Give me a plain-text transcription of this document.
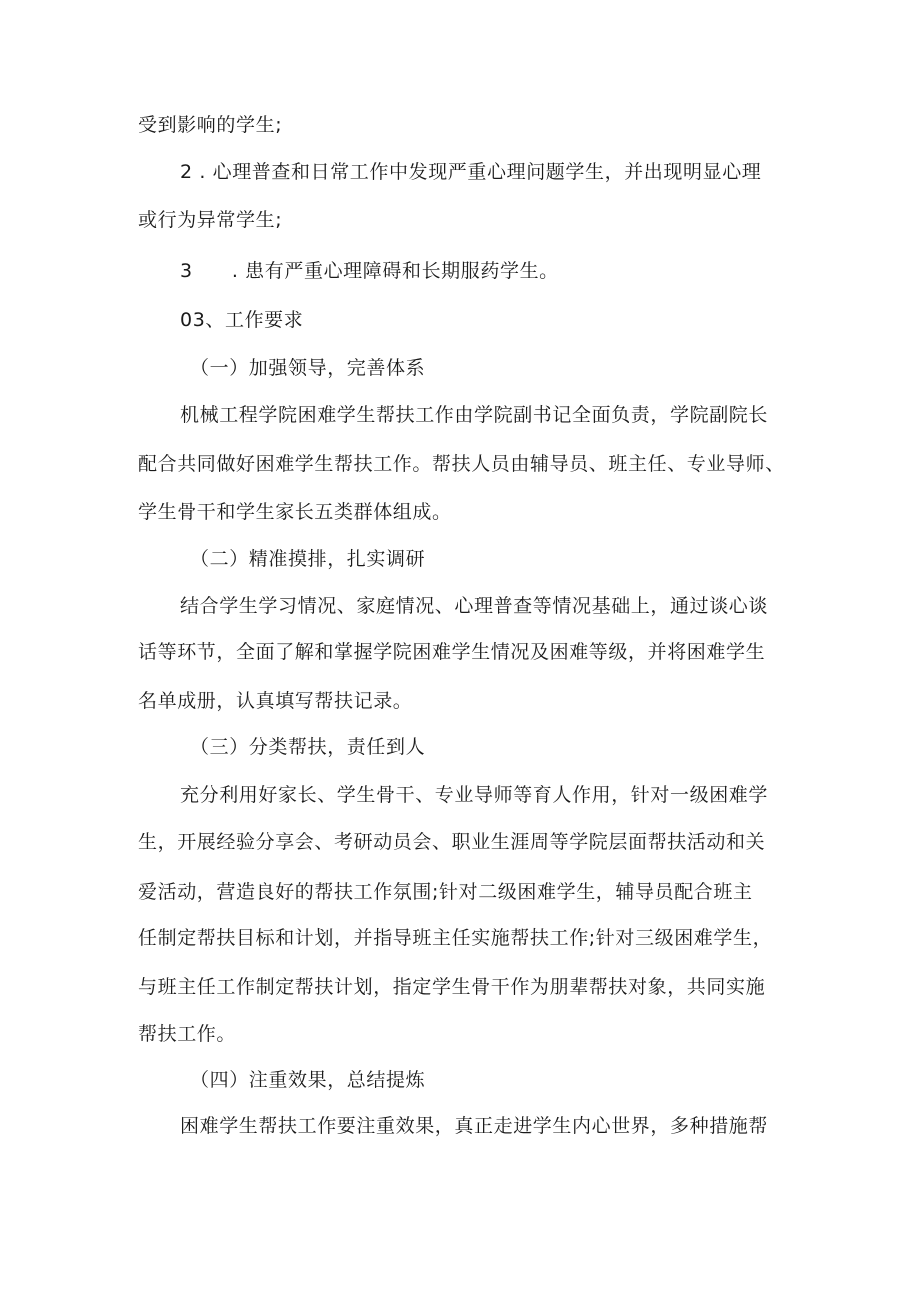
受到影响的学生;
2 . 心理普查和日常工作中发现严重心理问题学生，并出现明显心理
或行为异常学生;
3　　. 患有严重心理障碍和长期服药学生。
03、工作要求
（一）加强领导，完善体系
机械工程学院困难学生帮扶工作由学院副书记全面负责，学院副院长
配合共同做好困难学生帮扶工作。帮扶人员由辅导员、班主任、专业导师、
学生骨干和学生家长五类群体组成。
（二）精准摸排，扎实调研
结合学生学习情况、家庭情况、心理普查等情况基础上，通过谈心谈
话等环节，全面了解和掌握学院困难学生情况及困难等级，并将困难学生
名单成册，认真填写帮扶记录。
（三）分类帮扶，责任到人
充分利用好家长、学生骨干、专业导师等育人作用，针对一级困难学
生，开展经验分享会、考研动员会、职业生涯周等学院层面帮扶活动和关
爱活动，营造良好的帮扶工作氛围;针对二级困难学生，辅导员配合班主
任制定帮扶目标和计划，并指导班主任实施帮扶工作;针对三级困难学生，
与班主任工作制定帮扶计划，指定学生骨干作为朋辈帮扶对象，共同实施
帮扶工作。
（四）注重效果，总结提炼
困难学生帮扶工作要注重效果，真正走进学生内心世界，多种措施帮
